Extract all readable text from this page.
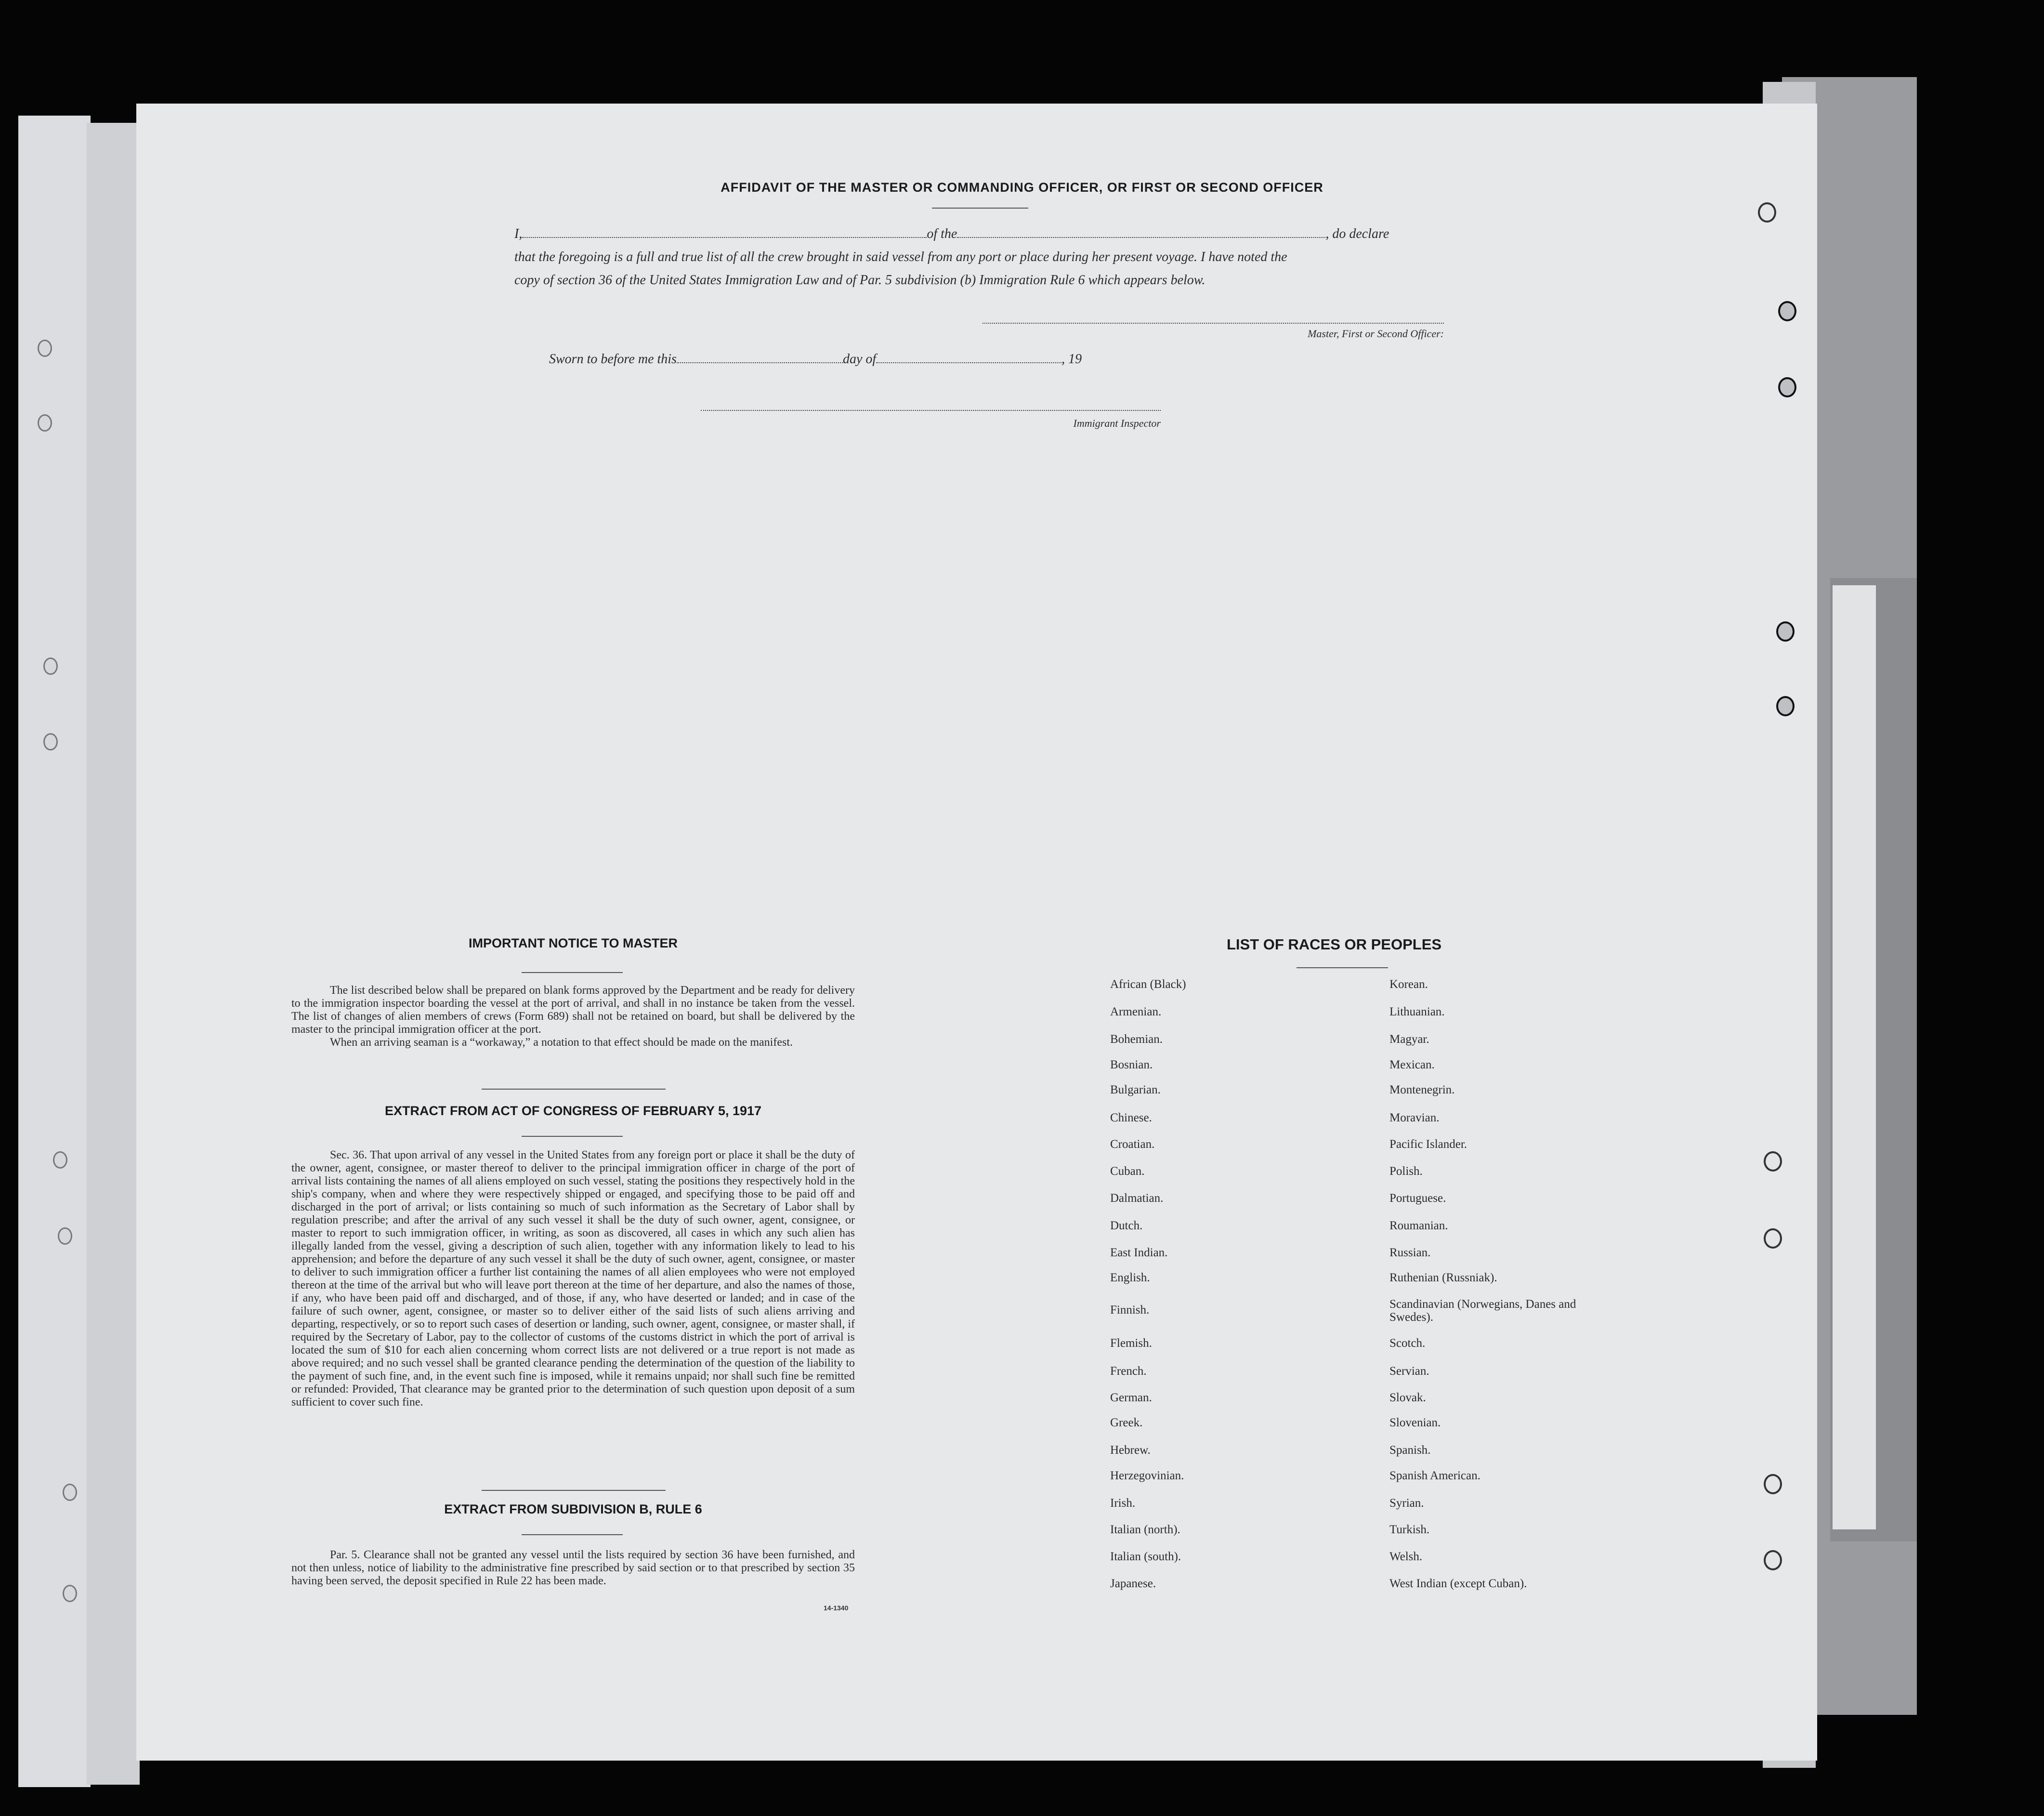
AFFIDAVIT OF THE MASTER OR COMMANDING OFFICER, OR FIRST OR SECOND OFFICER
I,	of the	, do declare
that the foregoing is a full and true list of all the crew brought in said vessel from any port or place during her present voyage. I have noted the
copy of section 36 of the United States Immigration Law and of Par. 5 subdivision (b) Immigration Rule 6 which appears below.
Master, First or Second Officer:
Sworn to before me this	day of	, 19
Immigrant Inspector
IMPORTANT NOTICE TO MASTER

The list described below shall be prepared on blank forms approved by the Department and be ready for delivery to the immigration inspector boarding the vessel at the port of arrival, and shall in no instance be taken from the vessel. The list of changes of alien members of crews (Form 689) shall not be retained on board, but shall be delivered by the master to the principal immigration officer at the port.

When an arriving seaman is a “workaway,” a notation to that effect should be made on the manifest.

EXTRACT FROM ACT OF CONGRESS OF FEBRUARY 5, 1917

Sec. 36. That upon arrival of any vessel in the United States from any foreign port or place it shall be the duty of the owner, agent, consignee, or master thereof to deliver to the principal immigration officer in charge of the port of arrival lists containing the names of all aliens employed on such vessel, stating the positions they respectively hold in the ship's company, when and where they were respectively shipped or engaged, and specifying those to be paid off and discharged in the port of arrival; or lists containing so much of such information as the Secretary of Labor shall by regulation prescribe; and after the arrival of any such vessel it shall be the duty of such owner, agent, consignee, or master to report to such immigration officer, in writing, as soon as discovered, all cases in which any such alien has illegally landed from the vessel, giving a description of such alien, together with any information likely to lead to his apprehension; and before the departure of any such vessel it shall be the duty of such owner, agent, consignee, or master to deliver to such immigration officer a further list containing the names of all alien employees who were not employed thereon at the time of the arrival but who will leave port thereon at the time of her departure, and also the names of those, if any, who have been paid off and discharged, and of those, if any, who have deserted or landed; and in case of the failure of such owner, agent, consignee, or master so to deliver either of the said lists of such aliens arriving and departing, respectively, or so to report such cases of desertion or landing, such owner, agent, consignee, or master shall, if required by the Secretary of Labor, pay to the collector of customs of the customs district in which the port of arrival is located the sum of $10 for each alien concerning whom correct lists are not delivered or a true report is not made as above required; and no such vessel shall be granted clearance pending the determination of the question of the liability to the payment of such fine, and, in the event such fine is imposed, while it remains unpaid; nor shall such fine be remitted or refunded: Provided, That clearance may be granted prior to the determination of such question upon deposit of a sum sufficient to cover such fine.

EXTRACT FROM SUBDIVISION B, RULE 6

Par. 5. Clearance shall not be granted any vessel until the lists required by section 36 have been furnished, and not then unless, notice of liability to the administrative fine prescribed by said section or to that prescribed by section 35 having been served, the deposit specified in Rule 22 has been made.

14-1340
LIST OF RACES OR PEOPLES
African (Black)
Armenian.
Bohemian.
Bosnian.
Bulgarian.
Chinese.
Croatian.
Cuban.
Dalmatian.
Dutch.
East Indian.
English.
Finnish.
Flemish.
French.
German.
Greek.
Hebrew.
Herzegovinian.
Irish.
Italian (north).
Italian (south).
Japanese.
Korean.
Lithuanian.
Magyar.
Mexican.
Montenegrin.
Moravian.
Pacific Islander.
Polish.
Portuguese.
Roumanian.
Russian.
Ruthenian (Russniak).
Scandinavian (Norwegians, Danes and Swedes).
Scotch.
Servian.
Slovak.
Slovenian.
Spanish.
Spanish American.
Syrian.
Turkish.
Welsh.
West Indian (except Cuban).
